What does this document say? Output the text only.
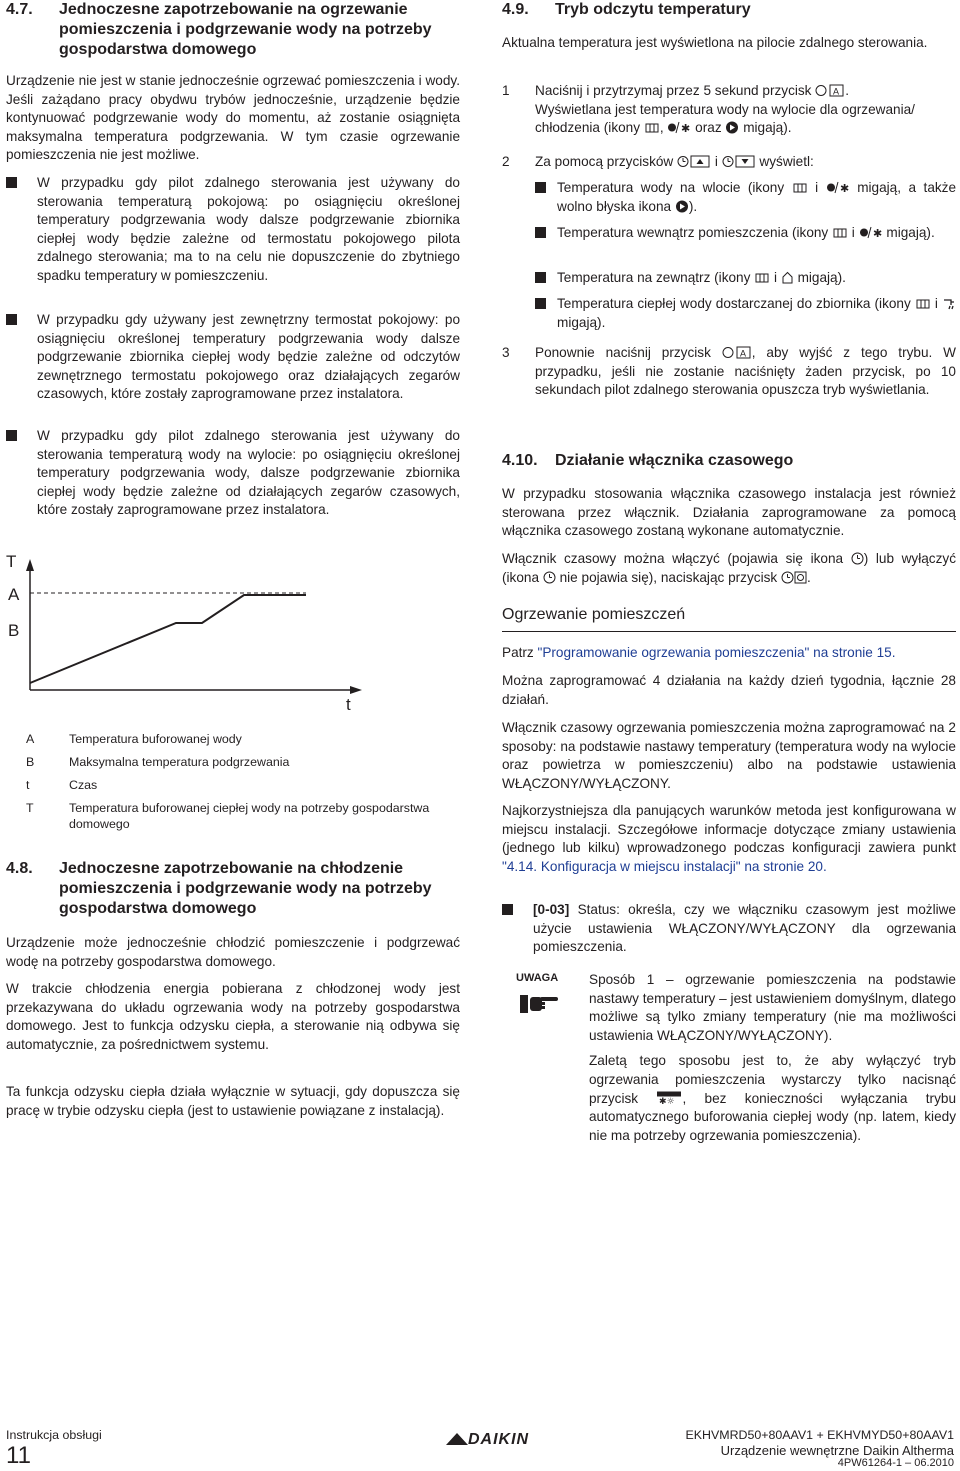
4.7.	Jednoczesne zapotrzebowanie na ogrzewanie pomieszczenia i podgrzewanie wody na potrzeby gospodarstwa domowego

Urządzenie nie jest w stanie jednocześnie ogrzewać pomieszczenia i wody. Jeśli zażądano pracy obydwu trybów jednocześnie, urządzenie będzie kontynuować podgrzewanie wody do momentu, aż zostanie osiągnięta maksymalna temperatura podgrzewania. W tym czasie ogrzewanie pomieszczenia nie jest możliwe.

W przypadku gdy pilot zdalnego sterowania jest używany do sterowania temperaturą pokojową: po osiągnięciu określonej temperatury podgrzewania wody dalsze podgrzewanie zbiornika ciepłej wody będzie zależne od termostatu pokojowego pilota zdalnego sterowania; ma to na celu nie dopuszczenie do zbytniego spadku temperatury w pomieszczeniu.
W przypadku gdy używany jest zewnętrzny termostat pokojowy: po osiągnięciu określonej temperatury podgrzewania wody dalsze podgrzewanie zbiornika ciepłej wody będzie zależne od odczytów zewnętrznego termostatu pokojowego oraz działających zegarów czasowych, które zostały zaprogramowane przez instalatora.
W przypadku gdy pilot zdalnego sterowania jest używany do sterowania temperaturą wody na wylocie: po osiągnięciu określonej temperatury podgrzewania wody, dalsze podgrzewanie zbiornika ciepłej wody będzie zależne od działających zegarów czasowych, które zostały zaprogramowane przez instalatora.
T
A
B
t
A	Temperatura buforowanej wody
B	Maksymalna temperatura podgrzewania
t	Czas
T	Temperatura buforowanej ciepłej wody na potrzeby gospodarstwa domowego
4.8.	Jednoczesne zapotrzebowanie na chłodzenie pomieszczenia i podgrzewanie wody na potrzeby gospodarstwa domowego

Urządzenie może jednocześnie chłodzić pomieszczenie i podgrzewać wodę na potrzeby gospodarstwa domowego.

W trakcie chłodzenia energia pobierana z chłodzonej wody jest przekazywana do układu ogrzewania wody na potrzeby gospodarstwa domowego. Jest to funkcja odzysku ciepła, a sterowanie nią odbywa się automatycznie, za pośrednictwem systemu.

Ta funkcja odzysku ciepła działa wyłącznie w sytuacji, gdy dopuszcza się pracę w trybie odzysku ciepła (jest to ustawienie powiązane z instalacją).

4.9.	Tryb odczytu temperatury

Aktualna temperatura jest wyświetlona na pilocie zdalnego sterowania.

1	Naciśnij i przytrzymaj przez 5 sekund przycisk A .
Wyświetlana jest temperatura wody na wylocie dla ogrzewania/ chłodzenia (ikony , ✱ oraz migają).
2	Za pomocą przycisków	i	wyświetl:
Temperatura wody na wlocie (ikony i ✱ migają, a także wolno błyska ikona ).
Temperatura wewnątrz pomieszczenia (ikony i ✱ migają).
Temperatura na zewnątrz (ikony i migają).
Temperatura ciepłej wody dostarczanej do zbiornika (ikony i  migają).
3	Ponownie naciśnij przycisk	A , aby wyjść z tego trybu. W przypadku, jeśli nie zostanie naciśnięty żaden przycisk, po 10 sekundach pilot zdalnego sterowania opuszcza tryb wyświetlania.
4.10.	Działanie włącznika czasowego

W przypadku stosowania włącznika czasowego instalacja jest również sterowana przez włącznik. Działania zaprogramowane za pomocą włącznika czasowego zostaną wykonane automatycznie.

Włącznik czasowy można włączyć (pojawia się ikona ) lub wyłączyć (ikona nie pojawia się), naciskając przycisk .

Ogrzewanie pomieszczeń

Patrz "Programowanie ogrzewania pomieszczenia" na stronie 15.

Można zaprogramować 4 działania na każdy dzień tygodnia, łącznie 28 działań.

Włącznik czasowy ogrzewania pomieszczenia można zaprogramować na 2 sposoby: na podstawie nastawy temperatury (temperatura wody na wylocie oraz powietrza w pomieszczeniu) albo na podstawie ustawienia WŁĄCZONY/WYŁĄCZONY.

Najkorzystniejsza dla panujących warunków metoda jest konfigurowana w miejscu instalacji. Szczegółowe informacje dotyczące zmiany ustawienia (jednego lub kilku) wprowadzonego podczas konfiguracji zawiera punkt "4.14. Konfiguracja w miejscu instalacji" na stronie 20.

[0-03] Status: określa, czy we włączniku czasowym jest możliwe użycie ustawienia WŁĄCZONY/WYŁĄCZONY dla ogrzewania pomieszczenia.
UWAGA	Sposób 1 – ogrzewanie pomieszczenia na podstawie nastawy temperatury – jest ustawieniem domyślnym, dlatego możliwe są tylko zmiany temperatury (nie ma możliwości ustawienia WŁĄCZONY/WYŁĄCZONY).

Zaletą tego sposobu jest to, że aby wyłączyć tryb ogrzewania pomieszczenia wystarczy tylko nacisnąć przycisk ✱☼ , bez konieczności wyłączania trybu automatycznego buforowania ciepłej wody (np. latem, kiedy nie ma potrzeby ogrzewania pomieszczenia).

Instrukcja obsługi
11
DAIKIN	EKHVMRD50+80AAV1 + EKHVMYD50+80AAV1
Urządzenie wewnętrzne Daikin Altherma
4PW61264-1 – 06.2010
